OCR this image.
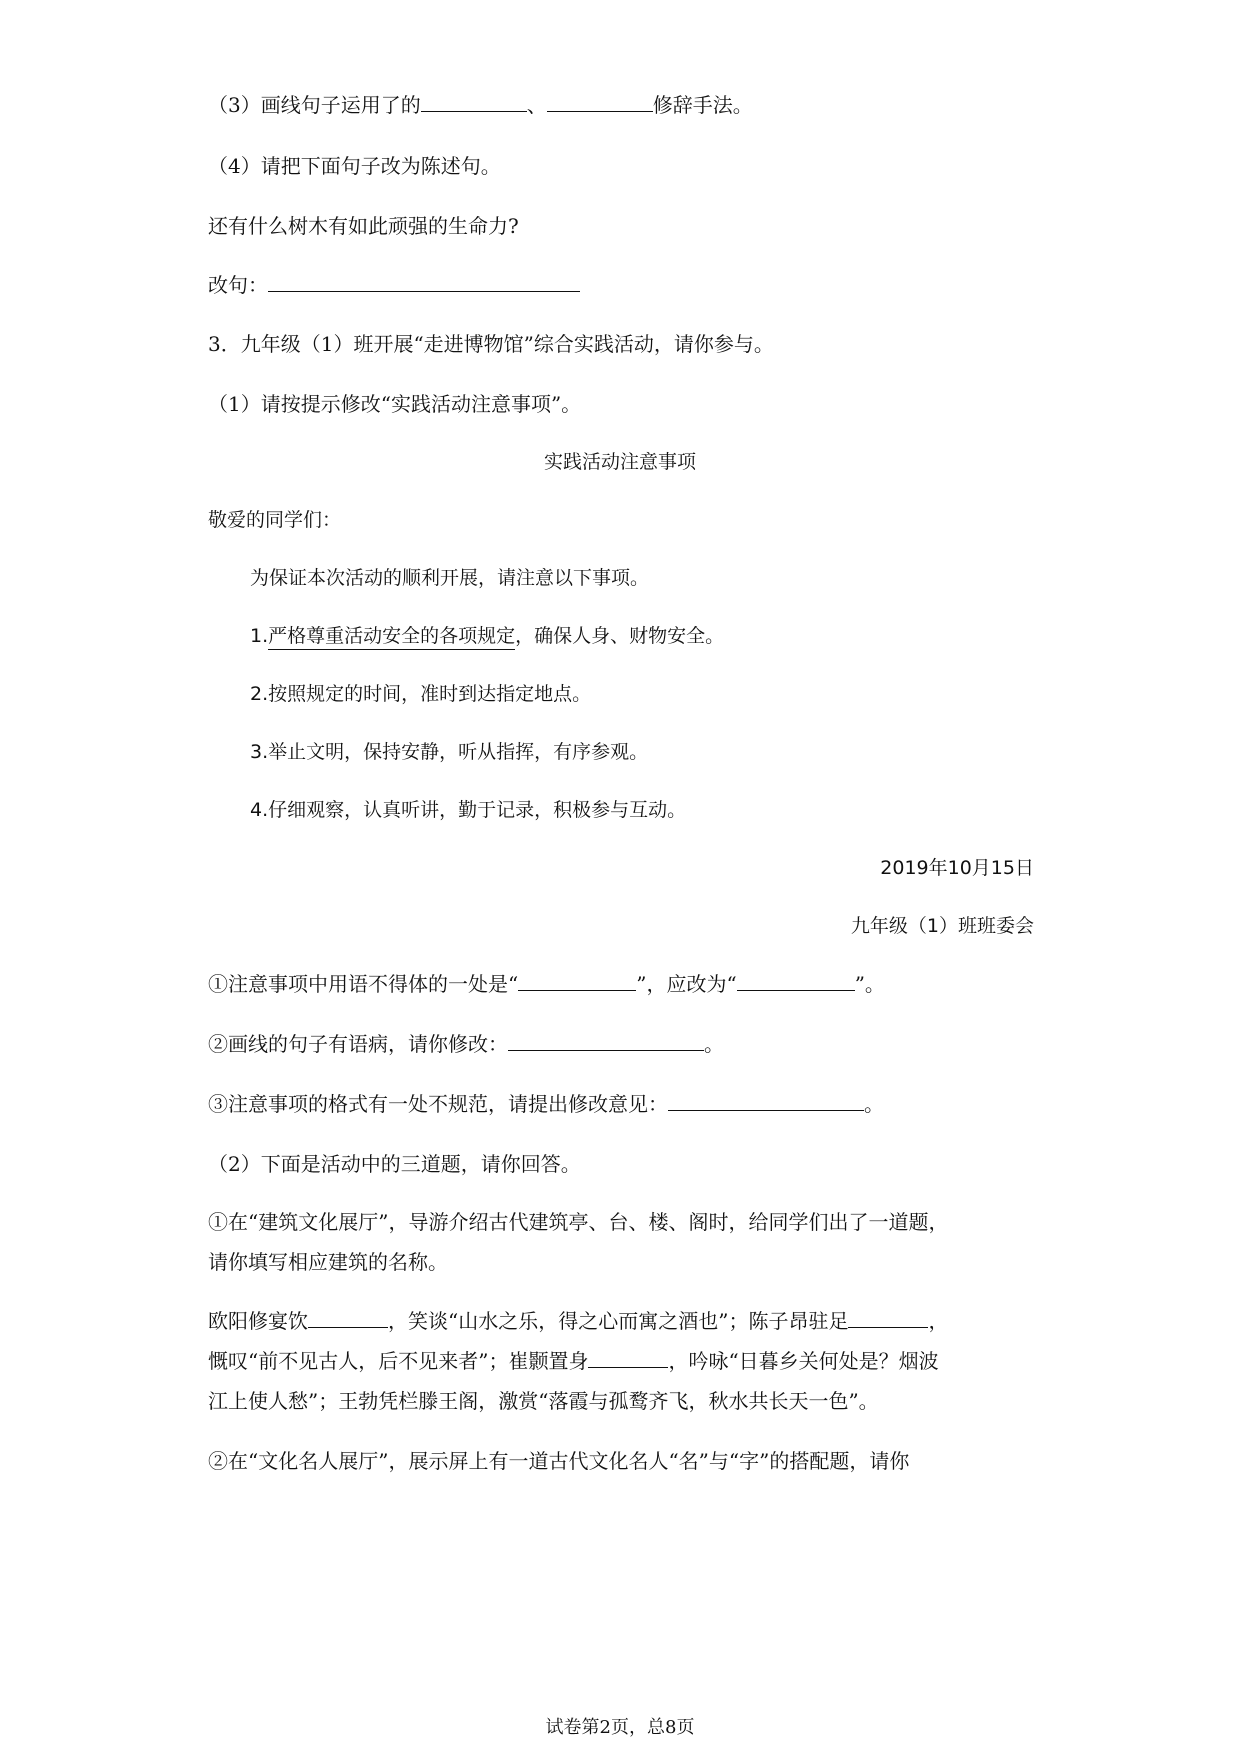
（3）画线句子运用了的	、	修辞手法。
（4）请把下面句子改为陈述句。
还有什么树木有如此顽强的生命力?
改句：
3．九年级（1）班开展“走进博物馆”综合实践活动，请你参与。
（1）请按提示修改“实践活动注意事项”。
实践活动注意事项
敬爱的同学们：
为保证本次活动的顺利开展，请注意以下事项。
1.严格尊重活动安全的各项规定，确保人身、财物安全。
2.按照规定的时间，准时到达指定地点。
3.举止文明，保持安静，听从指挥，有序参观。
4.仔细观察，认真听讲，勤于记录，积极参与互动。
2019年10月15日
九年级（1）班班委会
①注意事项中用语不得体的一处是“	”，应改为“	”。
②画线的句子有语病，请你修改：	。
③注意事项的格式有一处不规范，请提出修改意见：	。
（2）下面是活动中的三道题，请你回答。
①在“建筑文化展厅”，导游介绍古代建筑亭、台、楼、阁时，给同学们出了一道题，
请你填写相应建筑的名称。
欧阳修宴饮	，笑谈“山水之乐，得之心而寓之酒也”；陈子昂驻足	，
慨叹“前不见古人，后不见来者”；崔颢置身	，吟咏“日暮乡关何处是？烟波
江上使人愁”；王勃凭栏滕王阁，激赏“落霞与孤鹜齐飞，秋水共长天一色”。
②在“文化名人展厅”，展示屏上有一道古代文化名人“名”与“字”的搭配题，请你
试卷第2页，总8页
